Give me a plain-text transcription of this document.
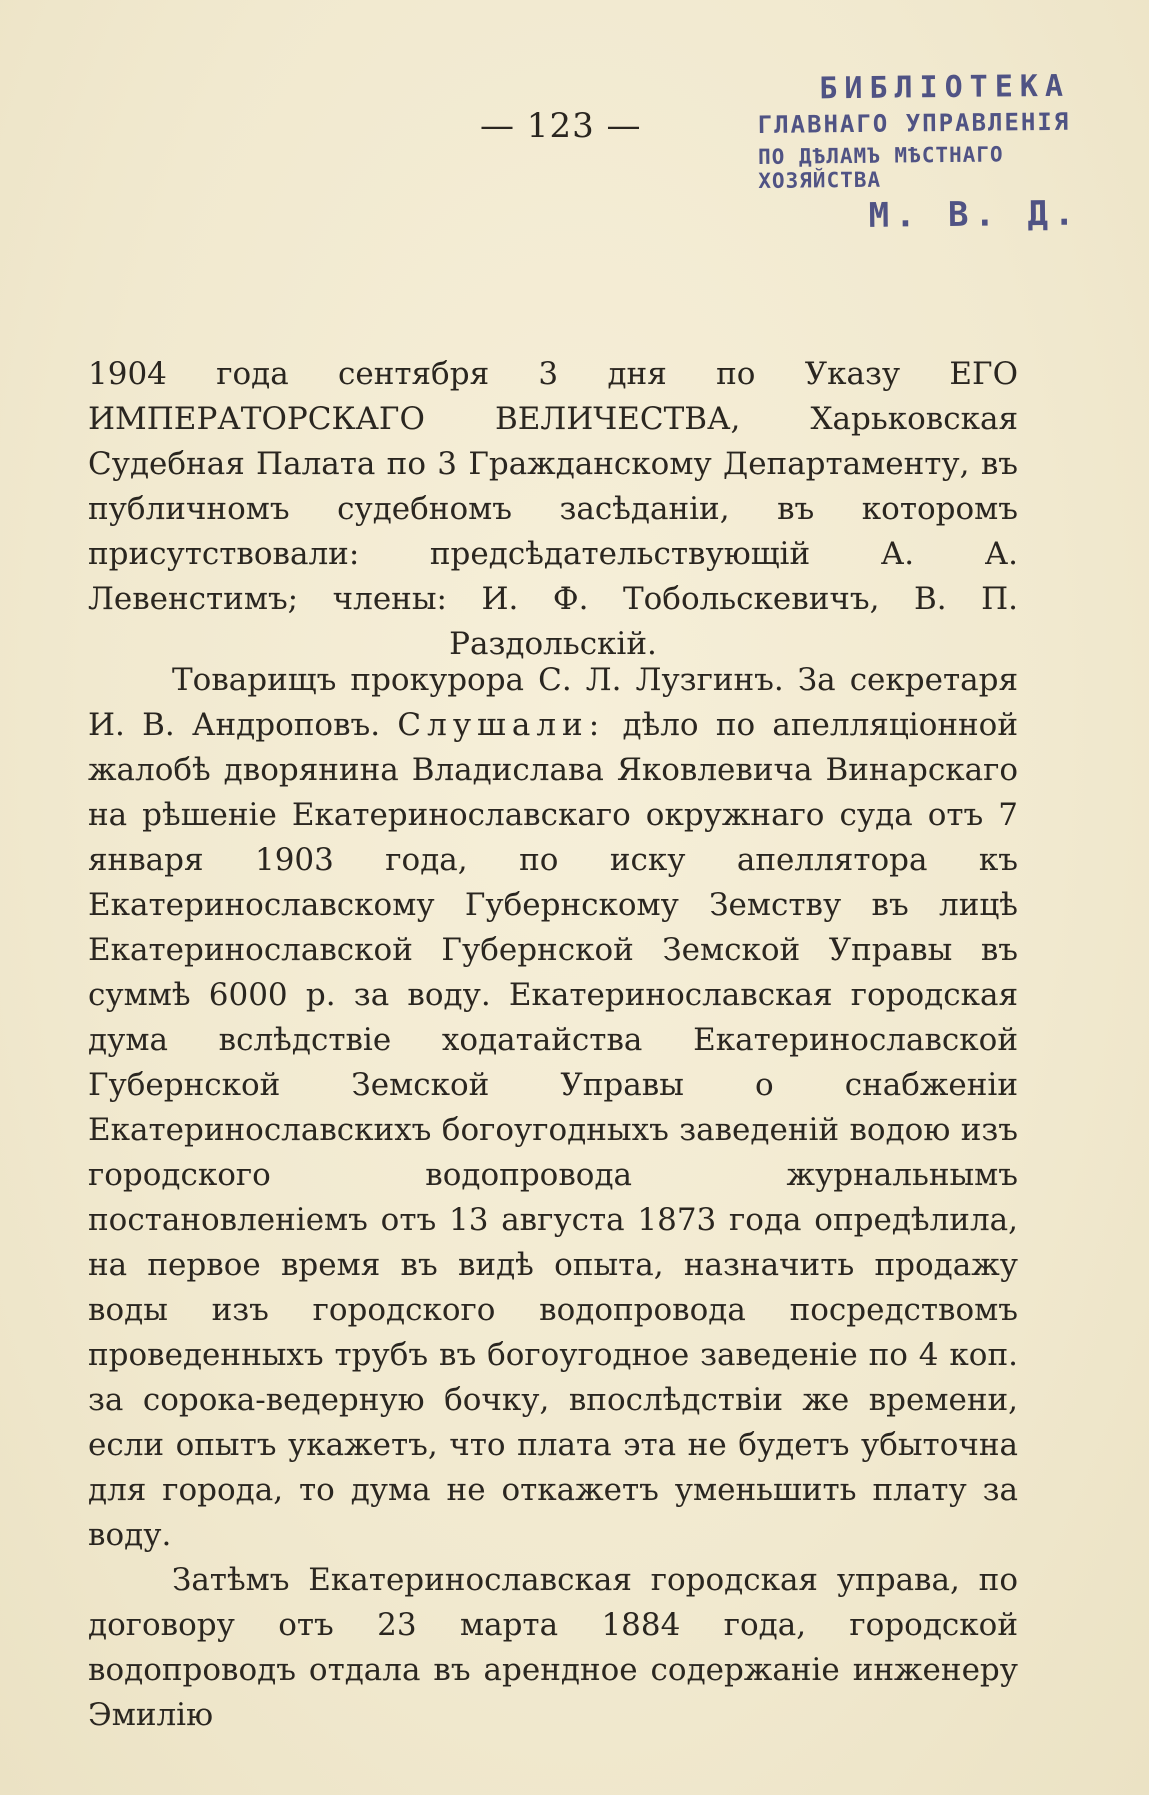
— 123 —
БИБЛІОТЕКА
ГЛАВНАГО УПРАВЛЕНІЯ
ПО ДѢЛАМЪ МѢСТНАГО ХОЗЯЙСТВА
М. В. Д.
1904 года сентября 3 дня по Указу ЕГО ИМПЕРАТОРСКАГО ВЕЛИЧЕСТВА, Харьковская Судебная Палата по 3 Гражданскому Департаменту, въ публичномъ судебномъ засѣданіи, въ которомъ присутствовали: предсѣдательствующій А. А. Левенстимъ; члены: И. Ф. Тобольскевичъ, В. П. Раздольскій.

Товарищъ прокурора С. Л. Лузгинъ. За секретаря И. В. Андроповъ. Слушали: дѣло по апелляціонной жалобѣ дворянина Владислава Яковлевича Винарскаго на рѣшеніе Екатеринославскаго окружнаго суда отъ 7 января 1903 года, по иску апеллятора къ Екатеринославскому Губернскому Земству въ лицѣ Екатеринославской Губернской Земской Управы въ суммѣ 6000 р. за воду. Екатеринославская городская дума вслѣдствіе ходатайства Екатеринославской Губернской Земской Управы о снабженіи Екатеринославскихъ богоугодныхъ заведеній водою изъ городского водопровода журнальнымъ постановленіемъ отъ 13 августа 1873 года опредѣлила, на первое время въ видѣ опыта, назначить продажу воды изъ городского водопровода посредствомъ проведенныхъ трубъ въ богоугодное заведеніе по 4 коп. за сорока-ведерную бочку, впослѣдствіи же времени, если опытъ укажетъ, что плата эта не будетъ убыточна для города, то дума не откажетъ уменьшить плату за воду.

Затѣмъ Екатеринославская городская управа, по договору отъ 23 марта 1884 года, городской водопроводъ отдала въ арендное содержаніе инженеру Эмилію
